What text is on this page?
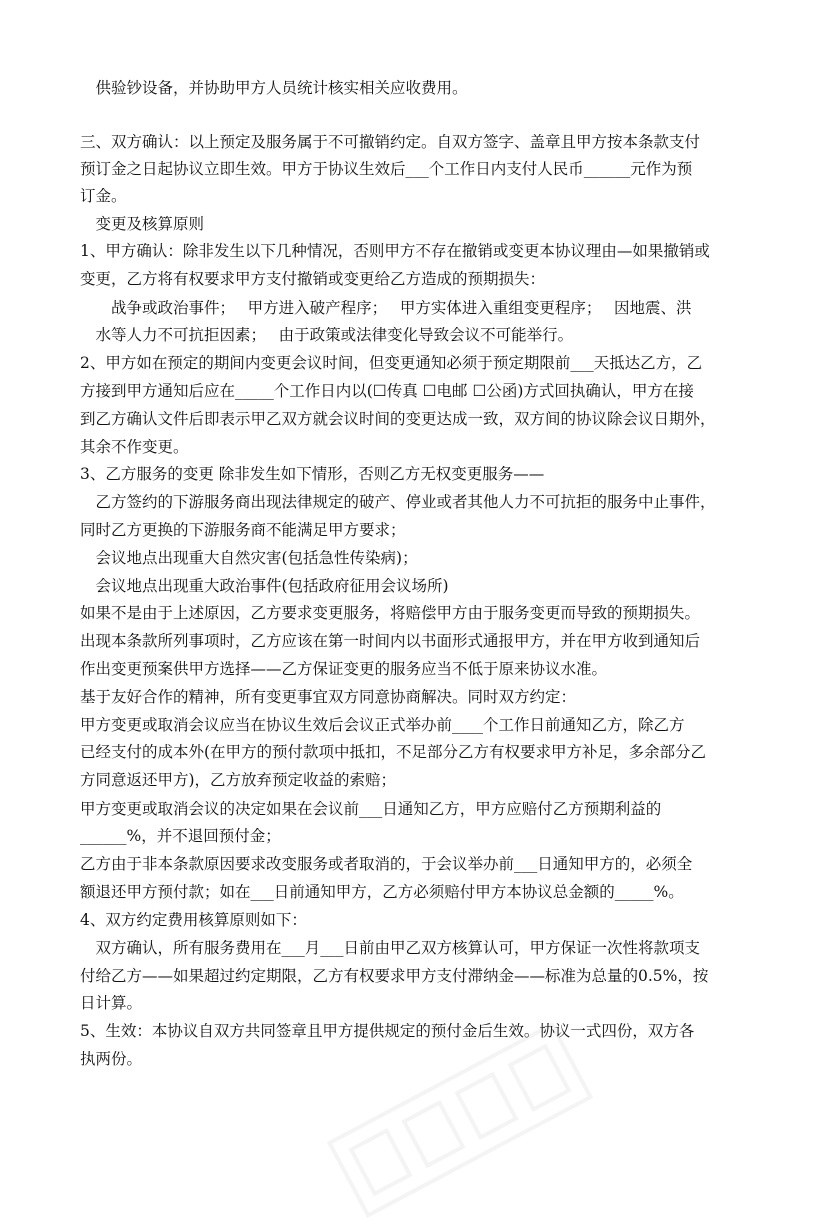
　供验钞设备，并协助甲方人员统计核实相关应收费用。
三、双方确认：以上预定及服务属于不可撤销约定。自双方签字、盖章且甲方按本条款支付
预订金之日起协议立即生效。甲方于协议生效后___个工作日内支付人民币______元作为预
订金。
　变更及核算原则
1、甲方确认：除非发生以下几种情况，否则甲方不存在撤销或变更本协议理由—如果撤销或
变更，乙方将有权要求甲方支付撤销或变更给乙方造成的预期损失：
　　战争或政治事件；　 甲方进入破产程序；　 甲方实体进入重组变更程序；　 因地震、洪
　水等人力不可抗拒因素；　 由于政策或法律变化导致会议不可能举行。
2、甲方如在预定的期间内变更会议时间，但变更通知必须于预定期限前___天抵达乙方，乙
方接到甲方通知后应在_____个工作日内以(☐传真 ☐电邮 ☐公函)方式回执确认，甲方在接
到乙方确认文件后即表示甲乙双方就会议时间的变更达成一致，双方间的协议除会议日期外，
其余不作变更。
3、乙方服务的变更 除非发生如下情形，否则乙方无权变更服务——
　乙方签约的下游服务商出现法律规定的破产、停业或者其他人力不可抗拒的服务中止事件，
同时乙方更换的下游服务商不能满足甲方要求；
　会议地点出现重大自然灾害(包括急性传染病)；
　会议地点出现重大政治事件(包括政府征用会议场所)
如果不是由于上述原因，乙方要求变更服务，将赔偿甲方由于服务变更而导致的预期损失。
出现本条款所列事项时，乙方应该在第一时间内以书面形式通报甲方，并在甲方收到通知后
作出变更预案供甲方选择——乙方保证变更的服务应当不低于原来协议水准。
基于友好合作的精神，所有变更事宜双方同意协商解决。同时双方约定：
甲方变更或取消会议应当在协议生效后会议正式举办前____个工作日前通知乙方，除乙方
已经支付的成本外(在甲方的预付款项中抵扣，不足部分乙方有权要求甲方补足，多余部分乙
方同意返还甲方)，乙方放弃预定收益的索赔；
甲方变更或取消会议的决定如果在会议前___日通知乙方，甲方应赔付乙方预期利益的
______%，并不退回预付金；
乙方由于非本条款原因要求改变服务或者取消的，于会议举办前___日通知甲方的，必须全
额退还甲方预付款；如在___日前通知甲方，乙方必须赔付甲方本协议总金额的_____%。
4、双方约定费用核算原则如下：
　双方确认，所有服务费用在___月___日前由甲乙双方核算认可，甲方保证一次性将款项支
付给乙方——如果超过约定期限，乙方有权要求甲方支付滞纳金——标准为总量的0.5%，按
日计算。
5、生效：本协议自双方共同签章且甲方提供规定的预付金后生效。协议一式四份，双方各
执两份。
